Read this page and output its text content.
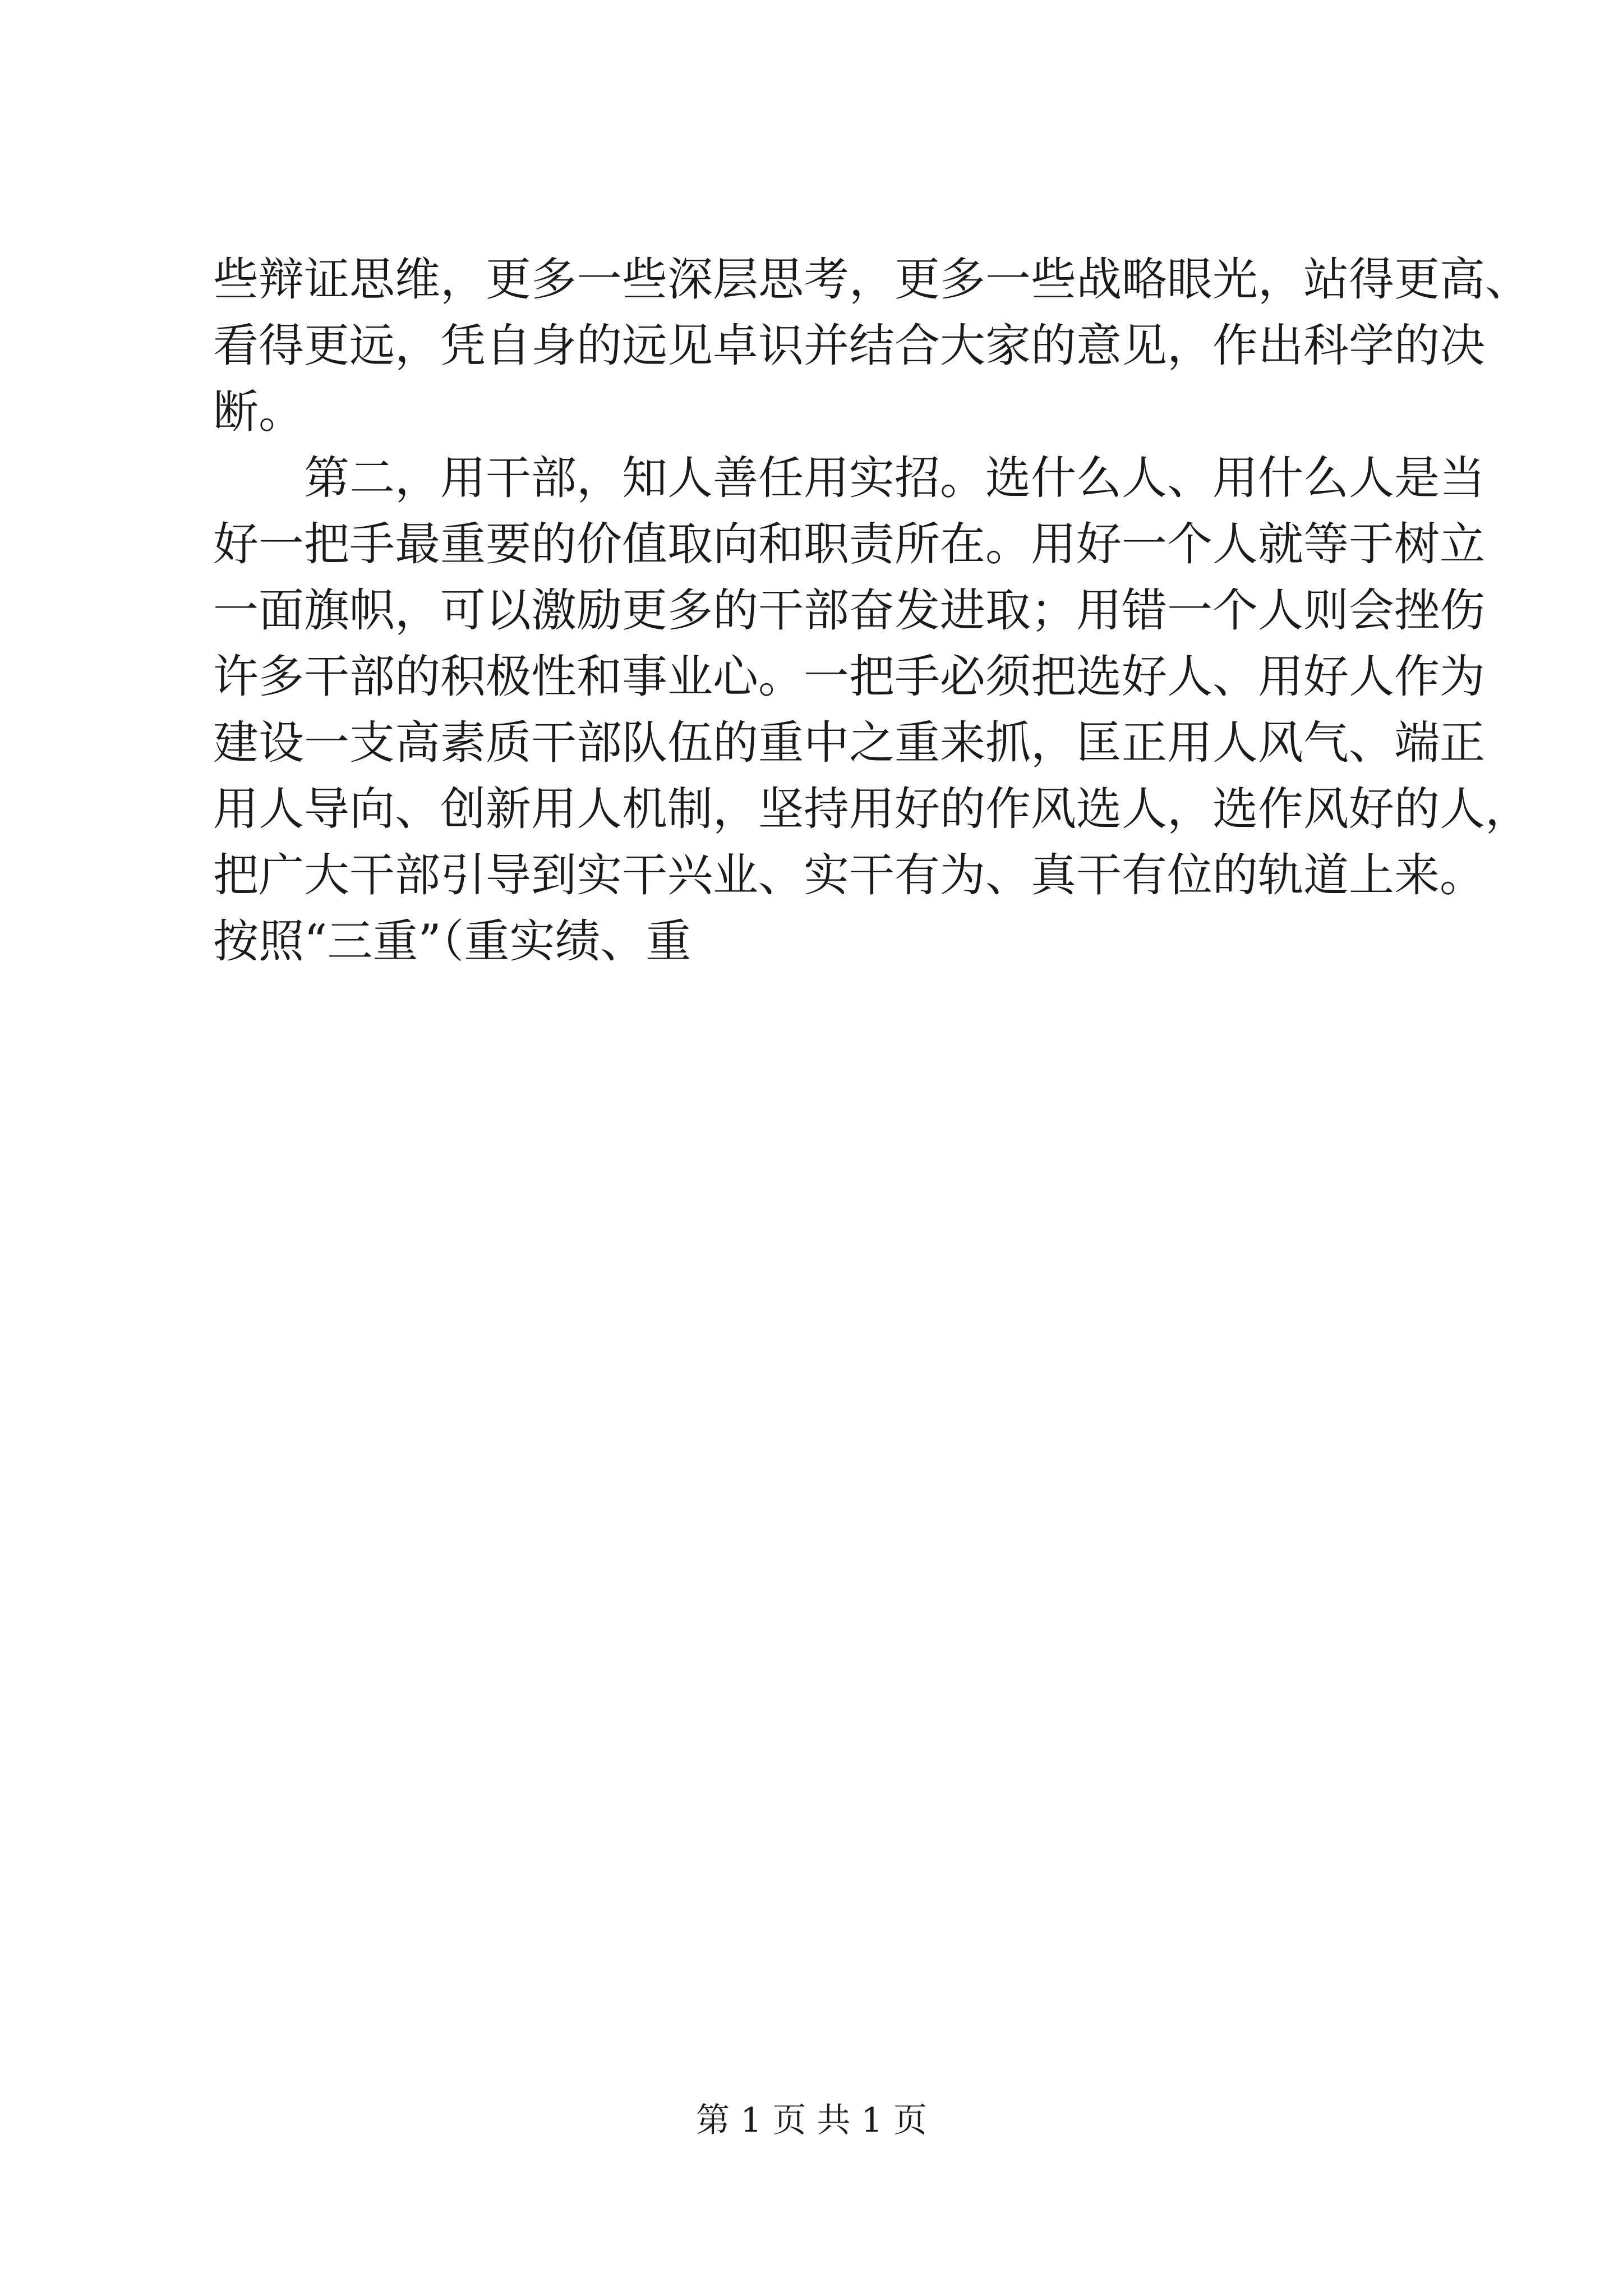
些辩证思维，更多一些深层思考，更多一些战略眼光，站得更高、
看得更远，凭自身的远见卓识并结合大家的意见，作出科学的决
断。
第二，用干部，知人善任用实招。选什么人、用什么人是当
好一把手最重要的价值取向和职责所在。用好一个人就等于树立
一面旗帜，可以激励更多的干部奋发进取；用错一个人则会挫伤
许多干部的积极性和事业心。一把手必须把选好人、用好人作为
建设一支高素质干部队伍的重中之重来抓，匡正用人风气、端正
用人导向、创新用人机制，坚持用好的作风选人，选作风好的人，
把广大干部引导到实干兴业、实干有为、真干有位的轨道上来。
按照“三重”（重实绩、重
第 1 页 共 1 页
